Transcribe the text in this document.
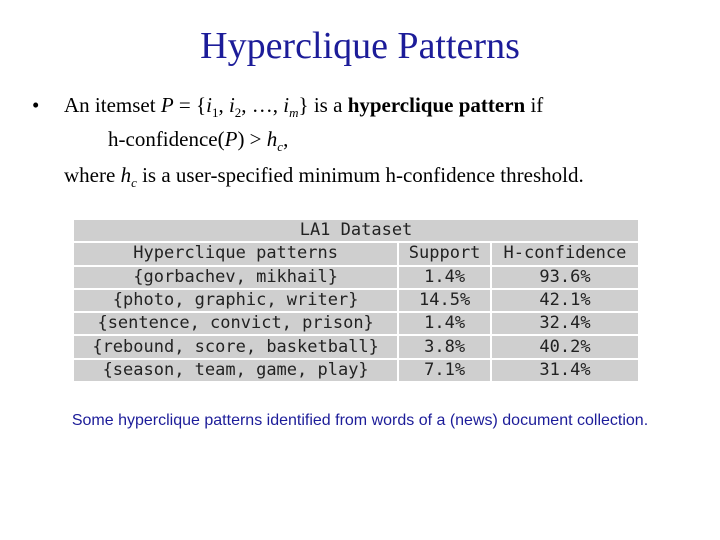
Hyperclique Patterns
• An itemset $P = \{i_1$, $i_2$, …, $i_m$} is a hyperclique pattern if
h-confidence(P) > $h_c$,
where $h_c$ is a user-specified minimum h-confidence threshold.
LA1 Dataset		
Hyperclique patterns	Support	H-confidence
{gorbachev, mikhail}	1.4%	93.6%
{photo, graphic, writer}	14.5%	42.1%
{sentence, convict, prison}	1.4%	32.4%
{rebound, score, basketball}	3.8%	40.2%
{season, team, game, play}	7.1%	31.4%
Some hyperclique patterns identified from words of a (news) document collection.
